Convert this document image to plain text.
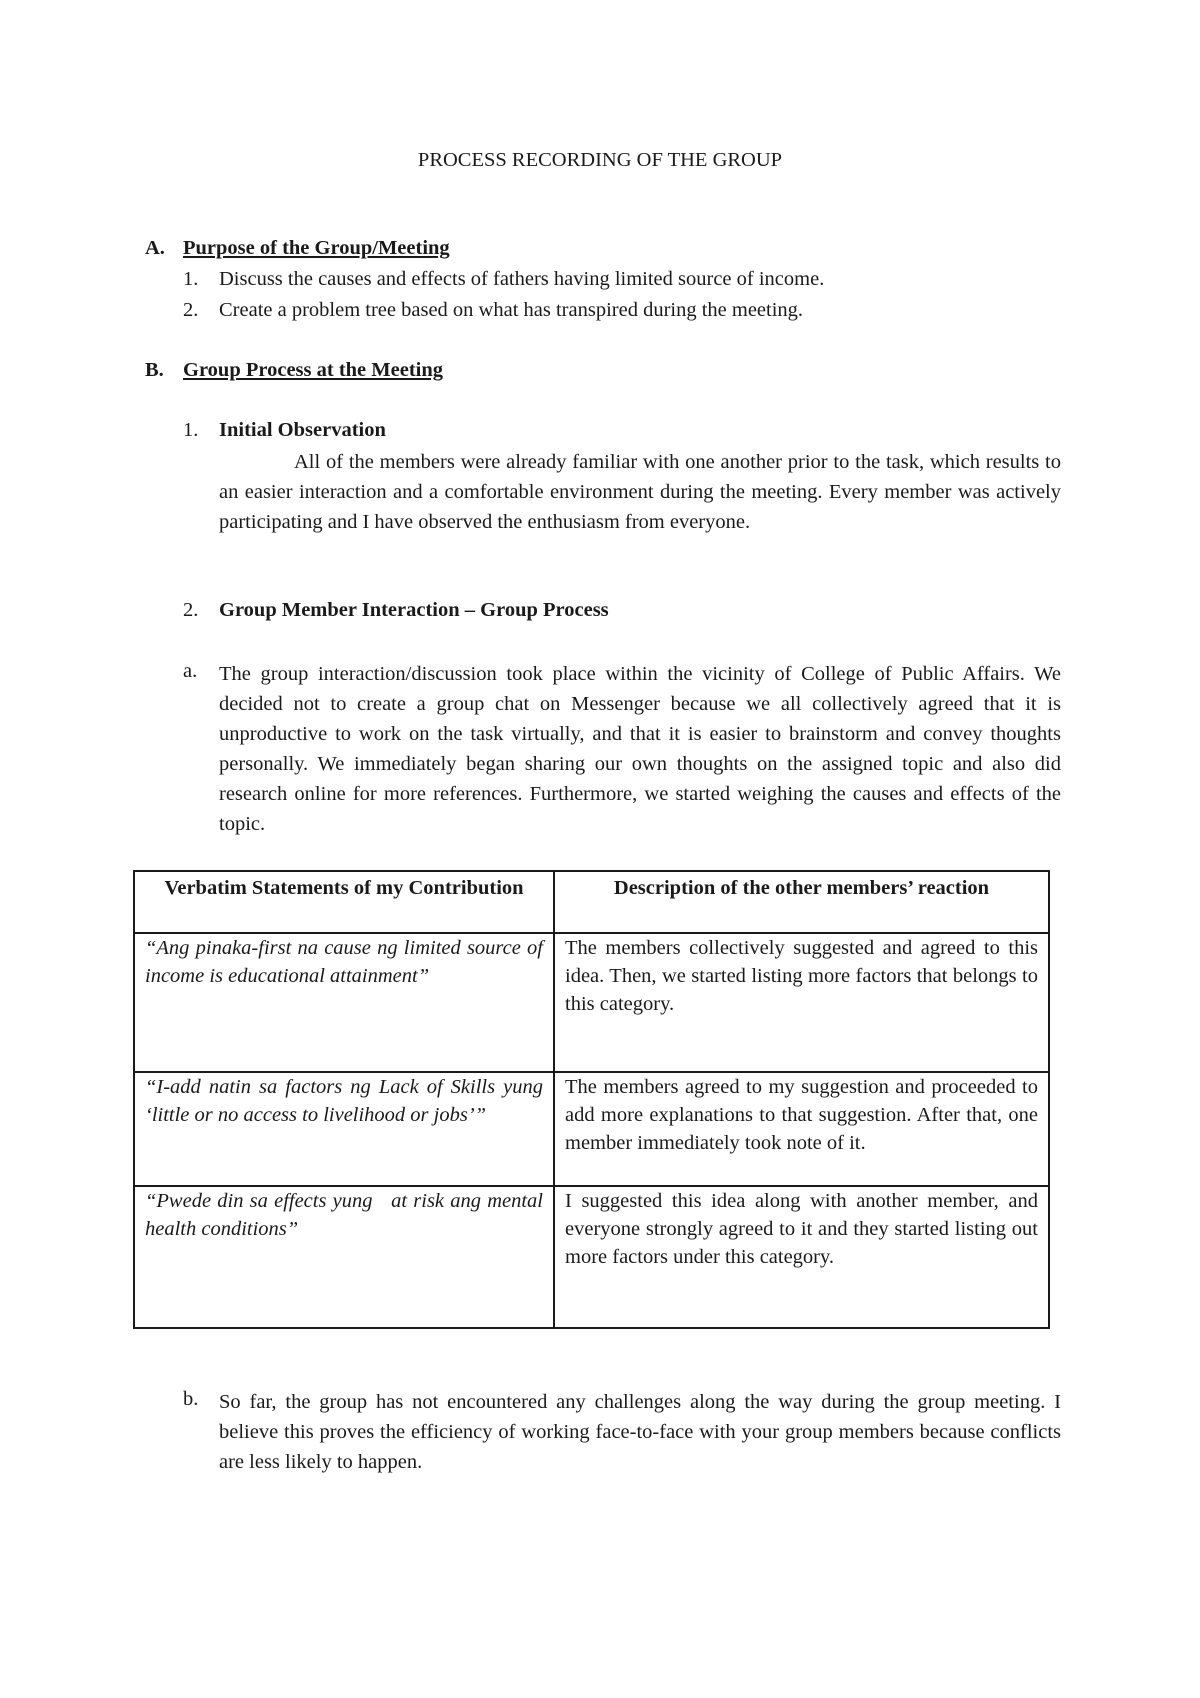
PROCESS RECORDING OF THE GROUP
A. Purpose of the Group/Meeting
1. Discuss the causes and effects of fathers having limited source of income.
2. Create a problem tree based on what has transpired during the meeting.
B. Group Process at the Meeting
1. Initial Observation
All of the members were already familiar with one another prior to the task, which results to an easier interaction and a comfortable environment during the meeting. Every member was actively participating and I have observed the enthusiasm from everyone.
2. Group Member Interaction – Group Process
a.	The group interaction/discussion took place within the vicinity of College of Public Affairs. We decided not to create a group chat on Messenger because we all collectively agreed that it is unproductive to work on the task virtually, and that it is easier to brainstorm and convey thoughts personally. We immediately began sharing our own thoughts on the assigned topic and also did research online for more references. Furthermore, we started weighing the causes and effects of the topic.
Verbatim Statements of my Contribution	Description of the other members’ reaction
“Ang pinaka-first na cause ng limited source of income is educational attainment”	The members collectively suggested and agreed to this idea. Then, we started listing more factors that belongs to this category.
“I-add natin sa factors ng Lack of Skills yung ‘little or no access to livelihood or jobs’”	The members agreed to my suggestion and proceeded to add more explanations to that suggestion. After that, one member immediately took note of it.
“Pwede din sa effects yung   at risk ang mental health conditions”	I suggested this idea along with another member, and everyone strongly agreed to it and they started listing out more factors under this category.
b.	So far, the group has not encountered any challenges along the way during the group meeting. I believe this proves the efficiency of working face-to-face with your group members because conflicts are less likely to happen.
